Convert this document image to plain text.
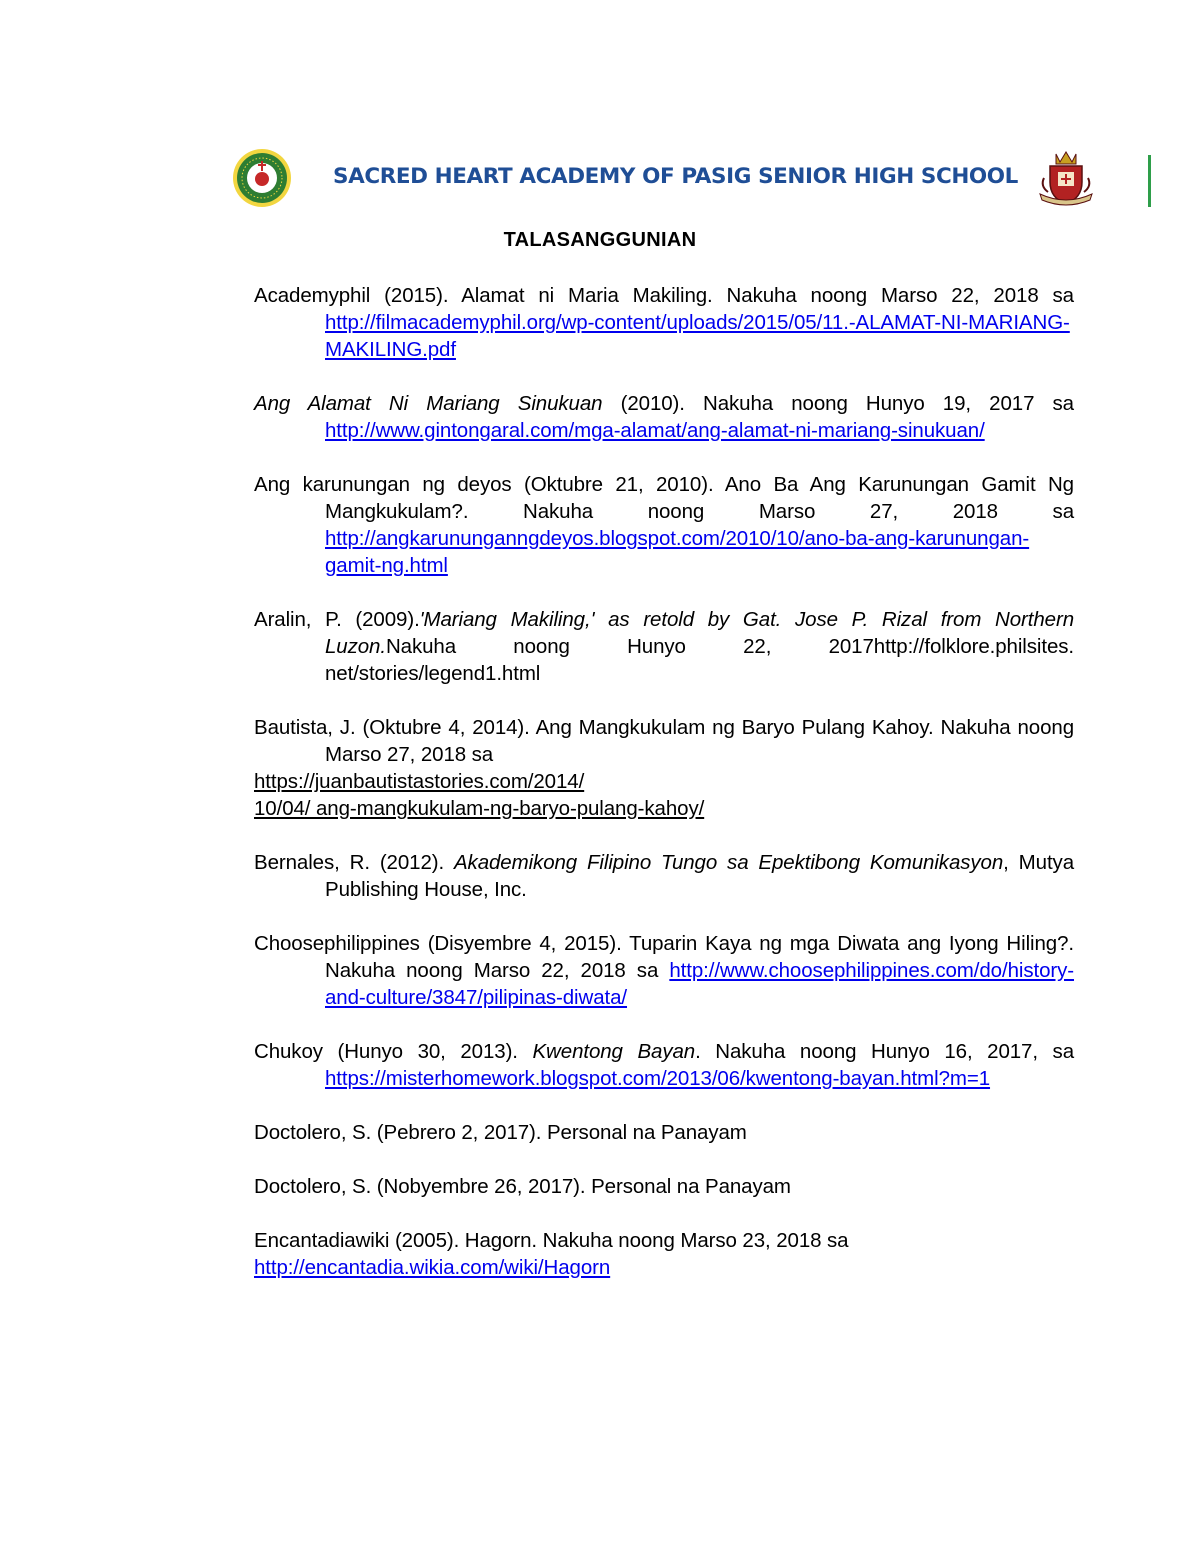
SACRED HEART ACADEMY OF PASIG SENIOR HIGH SCHOOL
TALASANGGUNIAN

Academyphil (2015). Alamat ni Maria Makiling. Nakuha noong Marso 22, 2018 sa http://filmacademyphil.org/wp-content/uploads/2015/05/11.-ALAMAT-NI-MARIANG-MAKILING.pdf

Ang Alamat Ni Mariang Sinukuan (2010). Nakuha noong Hunyo 19, 2017 sa http://www.gintongaral.com/mga-alamat/ang-alamat-ni-mariang-sinukuan/

Ang karunungan ng deyos (Oktubre 21, 2010). Ano Ba Ang Karunungan Gamit Ng Mangkukulam?. Nakuha noong Marso 27, 2018 sa http://angkarununganngdeyos.blogspot.com/2010/10/ano-ba-ang-karunungan-gamit-ng.html

Aralin, P. (2009).'Mariang Makiling,' as retold by Gat. Jose P. Rizal from Northern Luzon.Nakuha noong Hunyo 22, 2017http://folklore.philsites. net/stories/legend1.html

Bautista, J. (Oktubre 4, 2014). Ang Mangkukulam ng Baryo Pulang Kahoy. Nakuha noong Marso 27, 2018 sa
https://juanbautistastories.com/2014/
10/04/ ang-mangkukulam-ng-baryo-pulang-kahoy/

Bernales, R. (2012). Akademikong Filipino Tungo sa Epektibong Komunikasyon, Mutya Publishing House, Inc.

Choosephilippines (Disyembre 4, 2015). Tuparin Kaya ng mga Diwata ang Iyong Hiling?. Nakuha noong Marso 22, 2018 sa http://www.choosephilippines.com/do/history-and-culture/3847/pilipinas-diwata/

Chukoy (Hunyo 30, 2013). Kwentong Bayan. Nakuha noong Hunyo 16, 2017, sa https://misterhomework.blogspot.com/2013/06/kwentong-bayan.html?m=1

Doctolero, S. (Pebrero 2, 2017). Personal na Panayam

Doctolero, S. (Nobyembre 26, 2017). Personal na Panayam

Encantadiawiki (2005). Hagorn. Nakuha noong Marso 23, 2018 sa
http://encantadia.wikia.com/wiki/Hagorn
